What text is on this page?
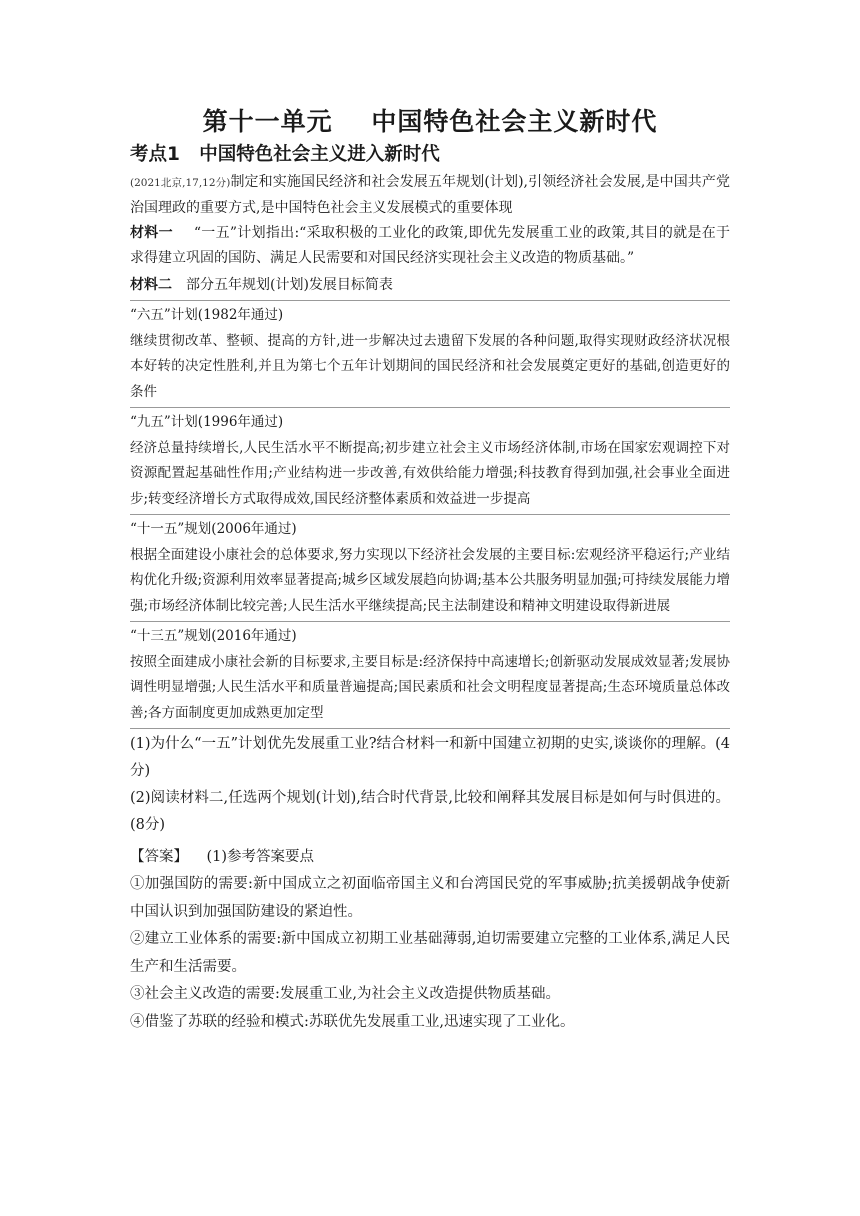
第十一单元    中国特色社会主义新时代
考点1   中国特色社会主义进入新时代

(2021北京,17,12分)制定和实施国民经济和社会发展五年规划(计划),引领经济社会发展,是中国共产党治国理政的重要方式,是中国特色社会主义发展模式的重要体现

材料一   “一五”计划指出:“采取积极的工业化的政策,即优先发展重工业的政策,其目的就是在于求得建立巩固的国防、满足人民需要和对国民经济实现社会主义改造的物质基础。”

材料二  部分五年规划(计划)发展目标简表

“六五”计划(1982年通过)

继续贯彻改革、整顿、提高的方针,进一步解决过去遗留下发展的各种问题,取得实现财政经济状况根本好转的决定性胜利,并且为第七个五年计划期间的国民经济和社会发展奠定更好的基础,创造更好的条件

“九五”计划(1996年通过)

经济总量持续增长,人民生活水平不断提高;初步建立社会主义市场经济体制,市场在国家宏观调控下对资源配置起基础性作用;产业结构进一步改善,有效供给能力增强;科技教育得到加强,社会事业全面进步;转变经济增长方式取得成效,国民经济整体素质和效益进一步提高

“十一五”规划(2006年通过)

根据全面建设小康社会的总体要求,努力实现以下经济社会发展的主要目标:宏观经济平稳运行;产业结构优化升级;资源利用效率显著提高;城乡区域发展趋向协调;基本公共服务明显加强;可持续发展能力增强;市场经济体制比较完善;人民生活水平继续提高;民主法制建设和精神文明建设取得新进展

“十三五”规划(2016年通过)

按照全面建成小康社会新的目标要求,主要目标是:经济保持中高速增长;创新驱动发展成效显著;发展协调性明显增强;人民生活水平和质量普遍提高;国民素质和社会文明程度显著提高;生态环境质量总体改善;各方面制度更加成熟更加定型

(1)为什么“一五”计划优先发展重工业?结合材料一和新中国建立初期的史实,谈谈你的理解。(4分)

(2)阅读材料二,任选两个规划(计划),结合时代背景,比较和阐释其发展目标是如何与时俱进的。(8分)

【答案】 (1)参考答案要点

①加强国防的需要:新中国成立之初面临帝国主义和台湾国民党的军事威胁;抗美援朝战争使新中国认识到加强国防建设的紧迫性。

②建立工业体系的需要:新中国成立初期工业基础薄弱,迫切需要建立完整的工业体系,满足人民生产和生活需要。

③社会主义改造的需要:发展重工业,为社会主义改造提供物质基础。

④借鉴了苏联的经验和模式:苏联优先发展重工业,迅速实现了工业化。
